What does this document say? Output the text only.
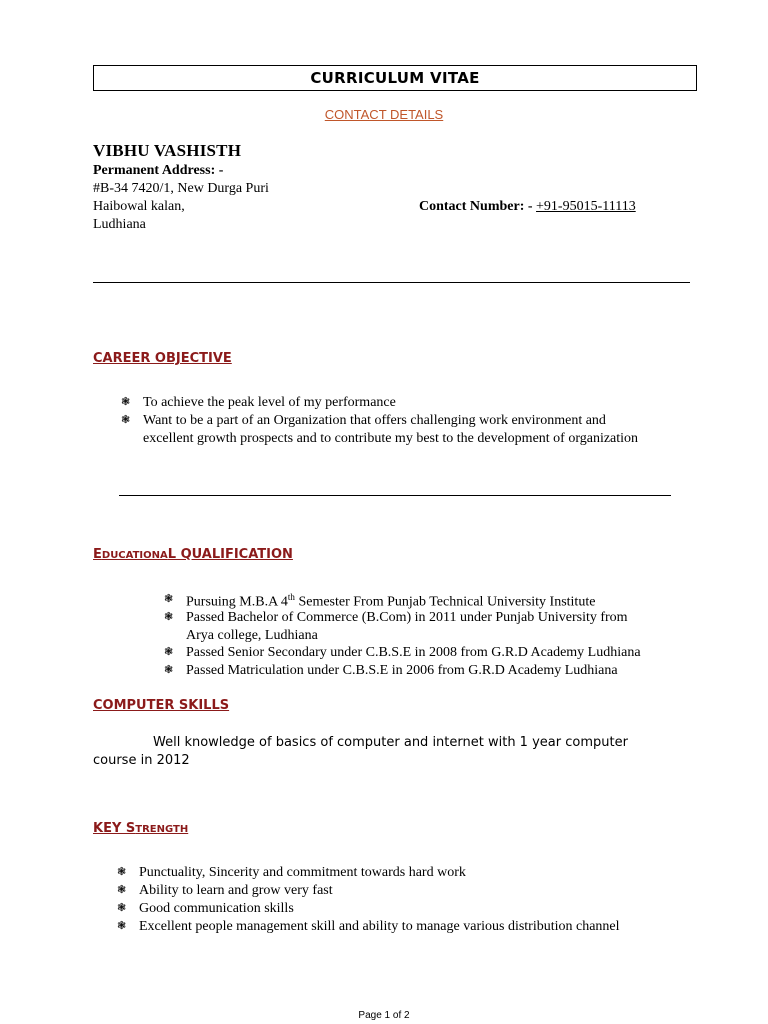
CURRICULUM VITAE
CONTACT DETAILS
VIBHU VASHISTH
Permanent Address: -
#B-34 7420/1, New Durga Puri
Haibowal kalan,
Ludhiana
Contact Number: - +91-95015-11113
CAREER OBJECTIVE
❃ To achieve the peak level of my performance
❃ Want to be a part of an Organization that offers challenging work environment and
excellent growth prospects and to contribute my best to the development of organization
EDUCATIONAL QUALIFICATION
❃ Pursuing M.B.A 4th Semester From Punjab Technical University Institute
❃ Passed Bachelor of Commerce (B.Com) in 2011 under Punjab University from
Arya college, Ludhiana
❃ Passed Senior Secondary under C.B.S.E in 2008 from G.R.D Academy Ludhiana
❃ Passed Matriculation under C.B.S.E in 2006 from G.R.D Academy Ludhiana
COMPUTER SKILLS
Well knowledge of basics of computer and internet with 1 year computer
course in 2012
KEY STRENGTH
❃ Punctuality, Sincerity and commitment towards hard work
❃ Ability to learn and grow very fast
❃ Good communication skills
❃ Excellent people management skill and ability to manage various distribution channel
Page 1 of 2
